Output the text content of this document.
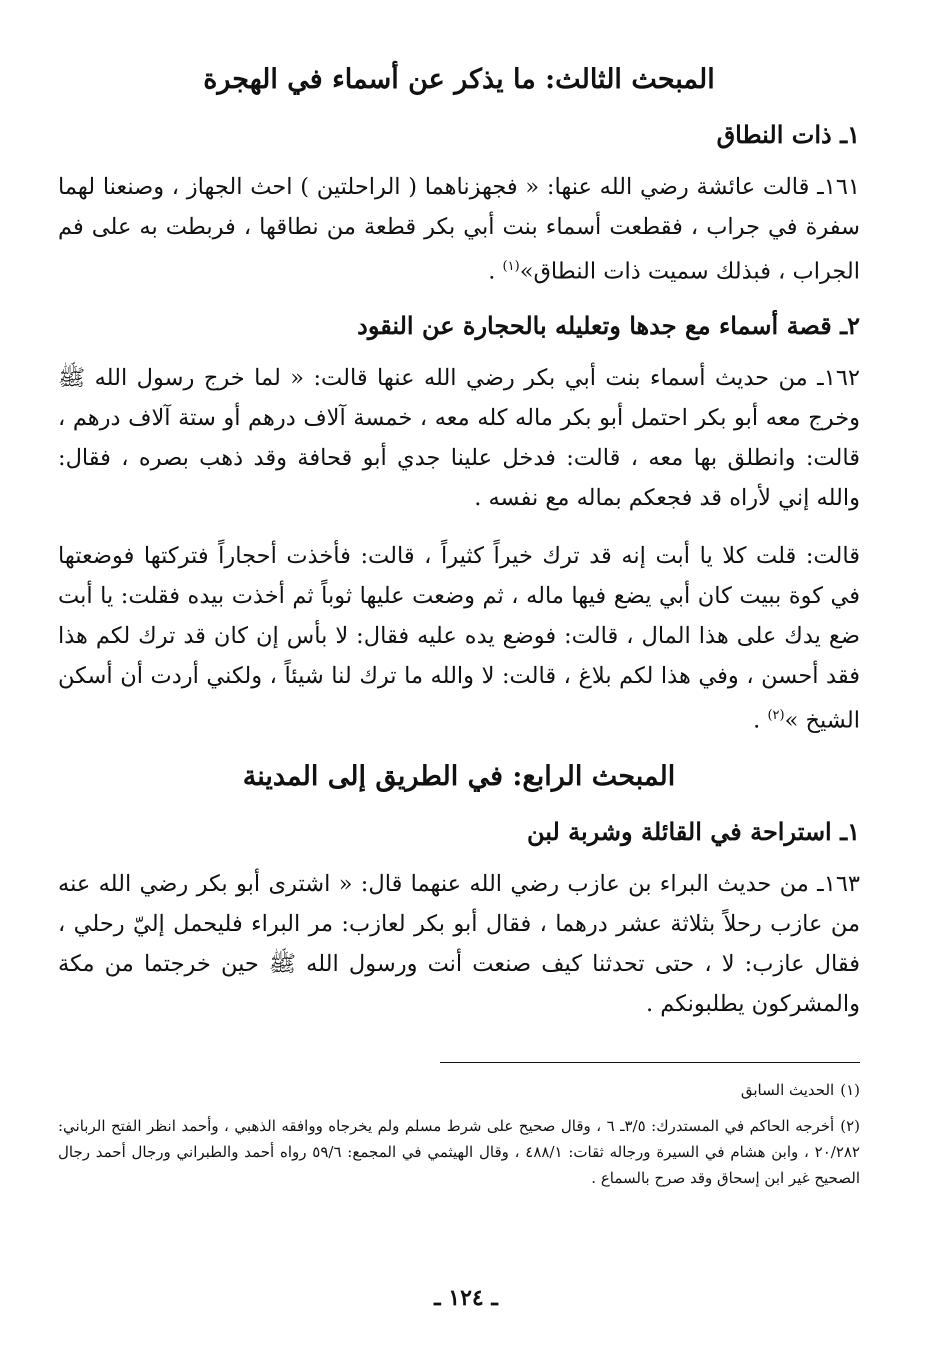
المبحث الثالث: ما يذكر عن أسماء في الهجرة
١ـ ذات النطاق

١٦١ـ قالت عائشة رضي الله عنها: « فجهزناهما ( الراحلتين ) احث الجهاز ، وصنعنا لهما سفرة في جراب ، فقطعت أسماء بنت أبي بكر قطعة من نطاقها ، فربطت به على فم الجراب ، فبذلك سميت ذات النطاق»$^{(١)}$ .

٢ـ قصة أسماء مع جدها وتعليله بالحجارة عن النقود

١٦٢ـ من حديث أسماء بنت أبي بكر رضي الله عنها قالت: « لما خرج رسول الله ﷺ وخرج معه أبو بكر احتمل أبو بكر ماله كله معه ، خمسة آلاف درهم أو ستة آلاف درهم ، قالت: وانطلق بها معه ، قالت: فدخل علينا جدي أبو قحافة وقد ذهب بصره ، فقال: والله إني لأراه قد فجعكم بماله مع نفسه .

قالت: قلت كلا يا أبت إنه قد ترك خيراً كثيراً ، قالت: فأخذت أحجاراً فتركتها فوضعتها في كوة ببيت كان أبي يضع فيها ماله ، ثم وضعت عليها ثوباً ثم أخذت بيده فقلت: يا أبت ضع يدك على هذا المال ، قالت: فوضع يده عليه فقال: لا بأس إن كان قد ترك لكم هذا فقد أحسن ، وفي هذا لكم بلاغ ، قالت: لا والله ما ترك لنا شيئاً ، ولكني أردت أن أسكن الشيخ »$^{(٢)}$ .

المبحث الرابع: في الطريق إلى المدينة
١ـ استراحة في القائلة وشربة لبن

١٦٣ـ من حديث البراء بن عازب رضي الله عنهما قال: « اشترى أبو بكر رضي الله عنه من عازب رحلاً بثلاثة عشر درهما ، فقال أبو بكر لعازب: مر البراء فليحمل إليّ رحلي ، فقال عازب: لا ، حتى تحدثنا كيف صنعت أنت ورسول الله ﷺ حين خرجتما من مكة والمشركون يطلبونكم .

(١)الحديث السابق

(٢)أخرجه الحاكم في المستدرك: ٣/٥ـ ٦ ، وقال صحيح على شرط مسلم ولم يخرجاه ووافقه الذهبي ، وأحمد انظر الفتح الرباني: ٢٠/٢٨٢ ، وابن هشام في السيرة ورجاله ثقات: ٤٨٨/١ ، وقال الهيثمي في المجمع: ٥٩/٦ رواه أحمد والطبراني ورجال أحمد رجال الصحيح غير ابن إسحاق وقد صرح بالسماع .

ـ ١٢٤ ـ
